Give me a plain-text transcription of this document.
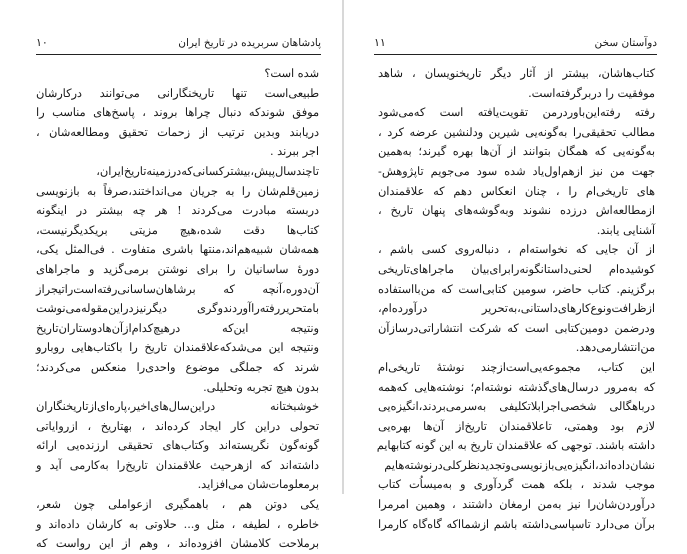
پادشاهان سربریده در تاریخ ایران
۱۰
شده است؟
طبیعی‌است تنها تاریخنگارانی می‌توانند درکارشان
موفق شوندکه دنبال چراها بروند ، پاسخ‌های مناسب را
دریابند وبدین ترتیب از زحمات تحقیق ومطالعه‌شان ،
اجر ببرند .
تاچندسال‌پیش،بیشترکسانی‌که‌درزمینه‌تاریخ‌ایران،
زمین‌قلم‌شان را به جریان می‌انداختند،صرفاً به بازنویسی
دربسته مبادرت می‌کردند ! هر چه بیشتر در اینگونه
کتاب‌ها دقت شده‌،هیچ مزیتی بریکدیگرنیست،
همه‌شان شبیه‌هم‌اند،منتها باشری متفاوت . فی‌المثل یکی،
دورهٔ ساسانیان را برای نوشتن برمی‌گزید و ماجراهای
آن‌دوره،آنچه که برشاهان‌ساسانی‌رفته‌است‌راتیجرا‌ز
بامتحریررفته‌را‌آوردندوگری دیگرنیزدراین‌مقوله‌می‌نوشت
ونتیجه این‌که درهیچ‌کدام‌ازآن‌ها‌دوستاران‌تاریخ‌
ونتیجه این می‌شدکه‌علاقمندان تاریخ را باکتاب‌هایی روبارو
شرند که جملگی موضوع واحدی‌را منعکس می‌کردند؛
بدون هیچ تجربه وتحلیلی.
خوشبختانه دراین‌سال‌های‌اخیر،پاره‌ای‌ازتاریخنگاران
تحولی دراین کار ایجاد کرده‌اند ، بهتاریخ ، ازروایاتی
گونه‌گون نگریسته‌اند وکتاب‌های تحقیقی ارزنده‌یی ارائه
داشته‌اند که ازهرحیث علاقمندان تاریخ‌را به‌کارمی آید و
برمعلومات‌شان می‌افزاید.
یکی دوتن هم ، باهمگیری ازعواملی چون شعر،
خاطره ، لطیفه ، مثل و... حلاوتی به کارشان داده‌اند و
برملاحت کلامشان افزوده‌اند ، وهم از این رواست که
دوآستان سخن
۱۱
کتاب‌هاشان، بیشتر از آثار دیگر تاریخنویسان ، شاهد
موفقیت را دربرگرفته‌است.
رفته رفته‌این‌باور‌در‌من تقویت‌یافته است که‌می‌شود
مطالب تحقیقی‌را به‌گونه‌یی شیرین ودلنشین عرضه کرد ،
به‌گونه‌یی که همگان بتوانند از آن‌ها بهره گیرند؛ به‌همین
جهت من نیز ازهم‌‌اول‌یاد شده سود می‌جویم تاپژوهش‌-
های تاریخی‌ام را ، چنان انعکاس دهم که علاقمندان
ازمطالعه‌اش درزده نشوند وبه‌گوشه‌های پنهان تاریخ ،
آشنایی یابند.
از آن جایی که نخواسته‌ام ، دنباله‌روی کسی باشم ،
کوشیده‌ام لحنی‌داستانگونه‌را‌برای‌بیان ماجراهای‌تاریخی
برگزینم. کتاب حاضر، سومین کتابی‌است که من‌بااستفاده
ازظرافت‌ونوع‌کارهای‌داستانی،به‌تحریر درآورده‌ام،
ودرضمن دومین‌کتابی است که شرکت انتشاراتی‌درسازآن
من‌انتشارمی‌دهد.
این کتاب، مجموعه‌یی‌است‌ازچند نوشتهٔ تاریخی‌ام
که به‌مرور درسال‌های‌گذشته نوشته‌ام؛ نوشته‌هایی که‌همه
درباهگالی شخصی‌اجرا‌بلاتکلیفی به‌سرمی‌بردند،انگیزه‌یی
لازم بود وهمتی، تاعلاقمندان تاریخ‌از آن‌ها بهره‌یی
داشته باشند. توجهی که علاقمندان تاریخ به این گونه کتابهایم
نشان‌داده‌اند،انگیزه‌یی‌بازنویسی‌وتجدیدنظرکلی‌درنوشته‌هایم
موجب شدند ، بلکه همت گردآوری و به‌میساُت کتاب
درآوردن‌شان‌را نیز به‌من ارمغان داشتند ، وهمین امر‌مرا
برآن می‌دارد تاسپاسی‌داشته باشم ازشمااکه گاه‌گاه کارمرا
